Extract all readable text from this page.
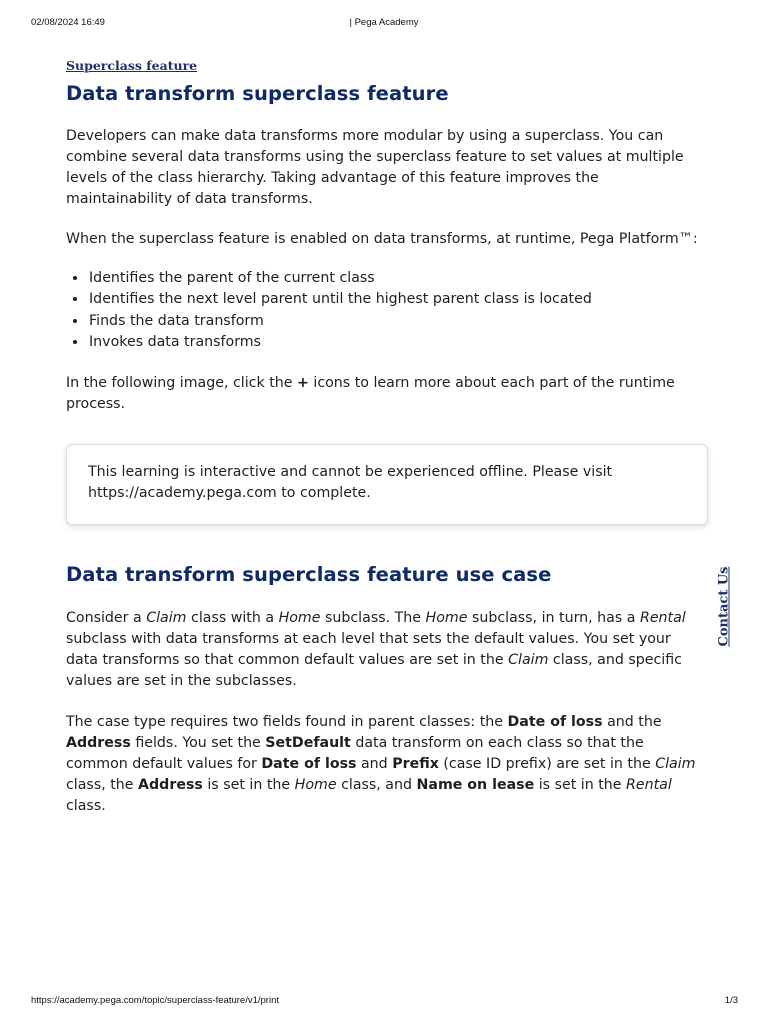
02/08/2024 16:49	| Pega Academy
Superclass feature
Data transform superclass feature

Developers can make data transforms more modular by using a superclass. You can combine several data transforms using the superclass feature to set values at multiple levels of the class hierarchy. Taking advantage of this feature improves the maintainability of data transforms.

When the superclass feature is enabled on data transforms, at runtime, Pega Platform™:

• Identifies the parent of the current class
• Identifies the next level parent until the highest parent class is located
• Finds the data transform
• Invokes data transforms

In the following image, click the + icons to learn more about each part of the runtime process.

This learning is interactive and cannot be experienced offline. Please visit https://academy.pega.com to complete.
Data transform superclass feature use case

Consider a Claim class with a Home subclass. The Home subclass, in turn, has a Rental subclass with data transforms at each level that sets the default values. You set your data transforms so that common default values are set in the Claim class, and specific values are set in the subclasses.

The case type requires two fields found in parent classes: the Date of loss and the Address fields. You set the SetDefault data transform on each class so that the common default values for Date of loss and Prefix (case ID prefix) are set in the Claim class, the Address is set in the Home class, and Name on lease is set in the Rental class.

Contact Us
https://academy.pega.com/topic/superclass-feature/v1/print	1/3
